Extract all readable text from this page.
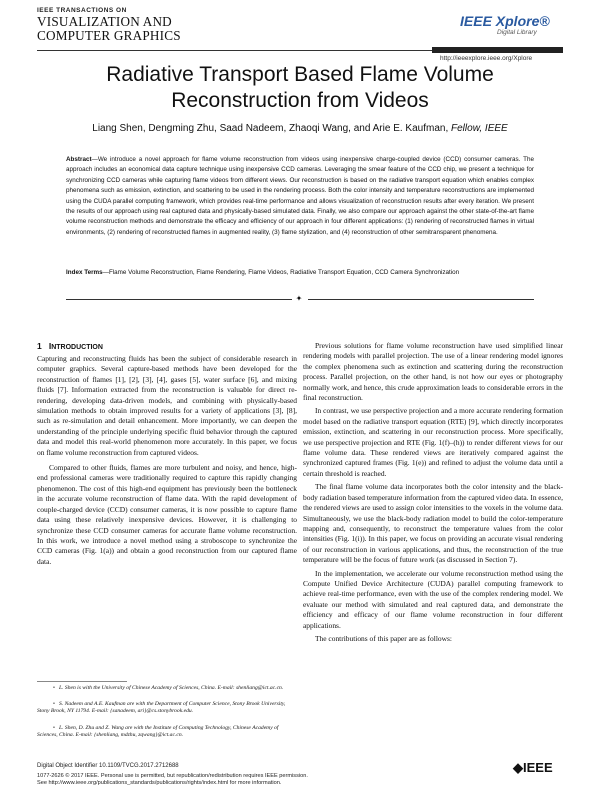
IEEE TRANSACTIONS ON
VISUALIZATION AND
COMPUTER GRAPHICS
IEEE Xplore®
Digital Library
http://ieeexplore.ieee.org/Xplore
Radiative Transport Based Flame Volume
Reconstruction from Videos
Liang Shen, Dengming Zhu, Saad Nadeem, Zhaoqi Wang, and Arie E. Kaufman, Fellow, IEEE
Abstract—We introduce a novel approach for flame volume reconstruction from videos using inexpensive charge-coupled device (CCD) consumer cameras. The approach includes an economical data capture technique using inexpensive CCD cameras. Leveraging the smear feature of the CCD chip, we present a technique for synchronizing CCD cameras while capturing flame videos from different views. Our reconstruction is based on the radiative transport equation which enables complex phenomena such as emission, extinction, and scattering to be used in the rendering process. Both the color intensity and temperature reconstructions are implemented using the CUDA parallel computing framework, which provides real-time performance and allows visualization of reconstruction results after every iteration. We present the results of our approach using real captured data and physically-based simulated data. Finally, we also compare our approach against the other state-of-the-art flame volume reconstruction methods and demonstrate the efficacy and efficiency of our approach in four different applications: (1) rendering of reconstructed flames in virtual environments, (2) rendering of reconstructed flames in augmented reality, (3) flame stylization, and (4) reconstruction of other semitransparent phenomena.
Index Terms—Flame Volume Reconstruction, Flame Rendering, Flame Videos, Radiative Transport Equation, CCD Camera Synchronization
✦
1 INTRODUCTION

Capturing and reconstructing fluids has been the subject of considerable research in computer graphics. Several capture-based methods have been developed for the reconstruction of flames [1], [2], [3], [4], gases [5], water surface [6], and mixing fluids [7]. Information extracted from the reconstruction is valuable for direct re-rendering, developing data-driven models, and combining with physically-based simulation methods to obtain improved results for a variety of applications [3], [8], such as re-simulation and detail enhancement. More importantly, we can deepen the understanding of the principle underlying specific fluid behavior through the captured data and model this real-world phenomenon more accurately. In this paper, we focus on flame volume reconstruction from captured videos.

Compared to other fluids, flames are more turbulent and noisy, and hence, high-end professional cameras were traditionally required to capture this rapidly changing phenomenon. The cost of this high-end equipment has previously been the bottleneck in the accurate volume reconstruction of flame data. With the rapid development of couple-charged device (CCD) consumer cameras, it is now possible to capture flame data using these relatively inexpensive devices. However, it is challenging to synchronize these CCD consumer cameras for accurate flame volume reconstruction. In this work, we introduce a novel method using a stroboscope to synchronize the CCD cameras (Fig. 1(a)) and obtain a good reconstruction from our captured flame data.

• L. Shen is with the University of Chinese Academy of Sciences, China. E-mail: shenliang@ict.ac.cn.
• S. Nadeem and A.E. Kaufman are with the Department of Computer Science, Stony Brook University, Stony Brook, NY 11794. E-mail: {sanadeem, ari}@cs.stonybrook.edu.
• L. Shen, D. Zhu and Z. Wang are with the Institute of Computing Technology, Chinese Academy of Sciences, China. E-mail: {shenliang, mdzhu, zqwang}@ict.ac.cn.

Previous solutions for flame volume reconstruction have used simplified linear rendering models with parallel projection. The use of a linear rendering model ignores the complex phenomena such as extinction and scattering during the reconstruction process. Parallel projection, on the other hand, is not how our eyes or photography normally work, and hence, this crude approximation leads to considerable errors in the final reconstruction.

In contrast, we use perspective projection and a more accurate rendering formation model based on the radiative transport equation (RTE) [9], which directly incorporates emission, extinction, and scattering in our reconstruction process. More specifically, we use perspective projection and RTE (Fig. 1(f)–(h)) to render different views for our flame volume data. These rendered views are iteratively compared against the synchronized captured frames (Fig. 1(e)) and refined to adjust the volume data until a certain threshold is reached.

The final flame volume data incorporates both the color intensity and the black-body radiation based temperature information from the captured video data. In essence, the rendered views are used to assign color intensities to the voxels in the volume data. Simultaneously, we use the black-body radiation model to build the color-temperature mapping and, consequently, to reconstruct the temperature values from the color intensities (Fig. 1(i)). In this paper, we focus on providing an accurate visual rendering of our reconstruction in various applications, and thus, the reconstruction of the true temperature will be the focus of future work (as discussed in Section 7).

In the implementation, we accelerate our volume reconstruction method using the Compute Unified Device Architecture (CUDA) parallel computing framework to achieve real-time performance, even with the use of the complex rendering model. We evaluate our method with simulated and real captured data, and demonstrate the efficiency and efficacy of our flame volume reconstruction in four different applications.

The contributions of this paper are as follows:

Digital Object Identifier 10.1109/TVCG.2017.2712688
1077-2626 © 2017 IEEE. Personal use is permitted, but republication/redistribution requires IEEE permission.
See http://www.ieee.org/publications_standards/publications/rights/index.html for more information.
◆IEEE
